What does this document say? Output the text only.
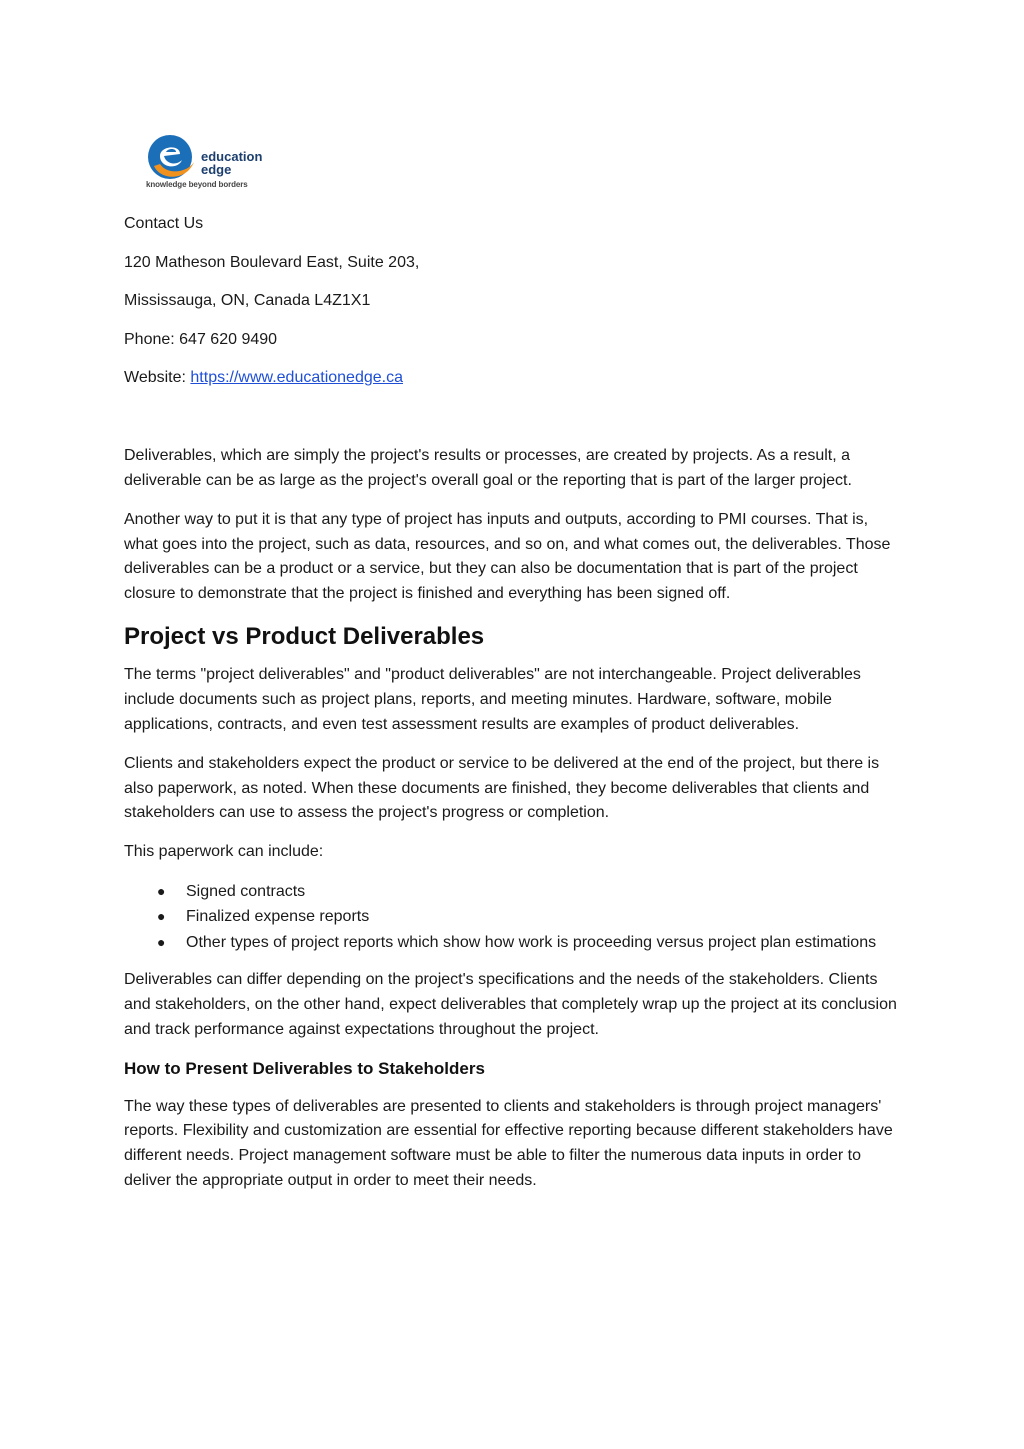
education
edge
knowledge beyond borders

Contact Us

120 Matheson Boulevard East, Suite 203,

Mississauga, ON, Canada L4Z1X1

Phone: 647 620 9490

Website: https://www.educationedge.ca

Deliverables, which are simply the project's results or processes, are created by projects. As a result, a deliverable can be as large as the project's overall goal or the reporting that is part of the larger project.

Another way to put it is that any type of project has inputs and outputs, according to PMI courses. That is, what goes into the project, such as data, resources, and so on, and what comes out, the deliverables. Those deliverables can be a product or a service, but they can also be documentation that is part of the project closure to demonstrate that the project is finished and everything has been signed off.

Project vs Product Deliverables

The terms "project deliverables" and "product deliverables" are not interchangeable. Project deliverables include documents such as project plans, reports, and meeting minutes. Hardware, software, mobile applications, contracts, and even test assessment results are examples of product deliverables.

Clients and stakeholders expect the product or service to be delivered at the end of the project, but there is also paperwork, as noted. When these documents are finished, they become deliverables that clients and stakeholders can use to assess the project's progress or completion.

This paperwork can include:

● Signed contracts
● Finalized expense reports
● Other types of project reports which show how work is proceeding versus project plan estimations

Deliverables can differ depending on the project's specifications and the needs of the stakeholders. Clients and stakeholders, on the other hand, expect deliverables that completely wrap up the project at its conclusion and track performance against expectations throughout the project.

How to Present Deliverables to Stakeholders

The way these types of deliverables are presented to clients and stakeholders is through project managers' reports. Flexibility and customization are essential for effective reporting because different stakeholders have different needs. Project management software must be able to filter the numerous data inputs in order to deliver the appropriate output in order to meet their needs.
